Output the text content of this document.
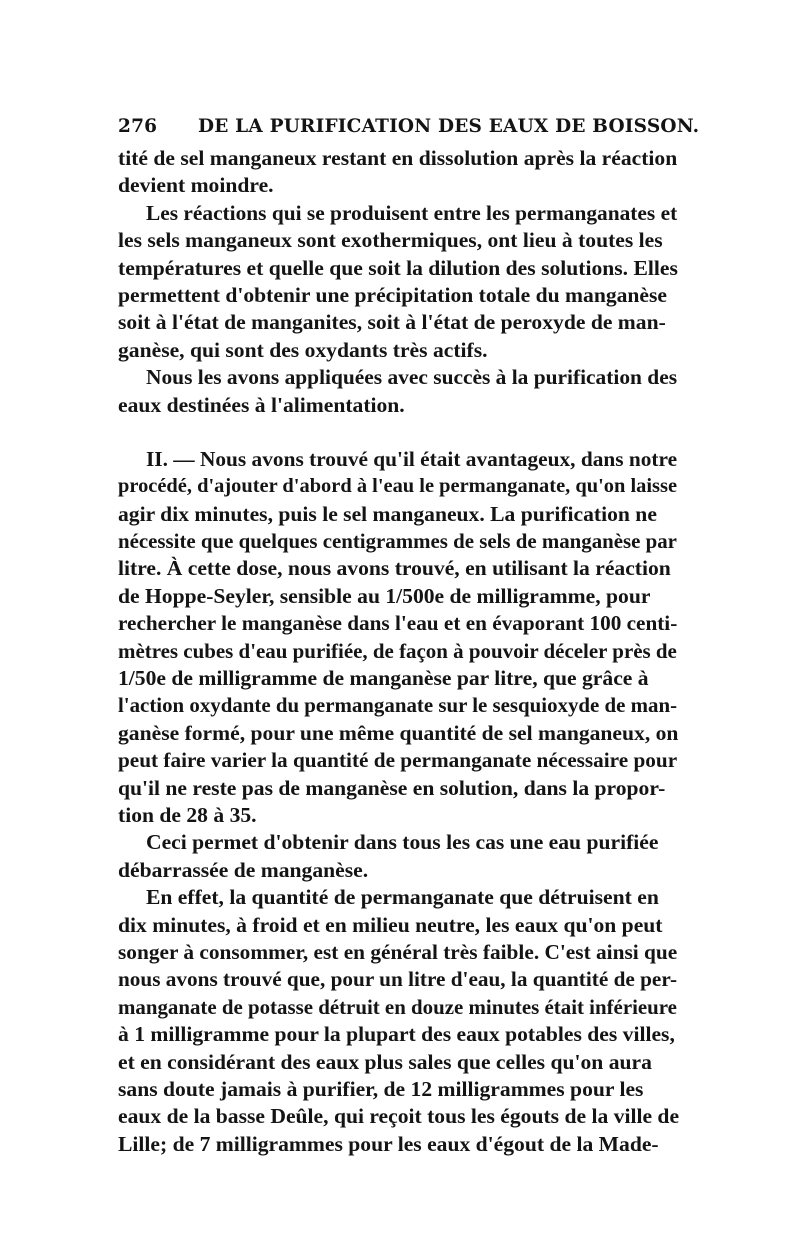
276 DE LA PURIFICATION DES EAUX DE BOISSON.
tité de sel manganeux restant en dissolution après la réaction
devient moindre.
Les réactions qui se produisent entre les permanganates et
les sels manganeux sont exothermiques, ont lieu à toutes les
températures et quelle que soit la dilution des solutions. Elles
permettent d'obtenir une précipitation totale du manganèse
soit à l'état de manganites, soit à l'état de peroxyde de man-
ganèse, qui sont des oxydants très actifs.
Nous les avons appliquées avec succès à la purification des
eaux destinées à l'alimentation.
II. — Nous avons trouvé qu'il était avantageux, dans notre
procédé, d'ajouter d'abord à l'eau le permanganate, qu'on laisse
agir dix minutes, puis le sel manganeux. La purification ne
nécessite que quelques centigrammes de sels de manganèse par
litre. À cette dose, nous avons trouvé, en utilisant la réaction
de Hoppe-Seyler, sensible au 1/500e de milligramme, pour
rechercher le manganèse dans l'eau et en évaporant 100 centi-
mètres cubes d'eau purifiée, de façon à pouvoir déceler près de
1/50e de milligramme de manganèse par litre, que grâce à
l'action oxydante du permanganate sur le sesquioxyde de man-
ganèse formé, pour une même quantité de sel manganeux, on
peut faire varier la quantité de permanganate nécessaire pour
qu'il ne reste pas de manganèse en solution, dans la propor-
tion de 28 à 35.
Ceci permet d'obtenir dans tous les cas une eau purifiée
débarrassée de manganèse.
En effet, la quantité de permanganate que détruisent en
dix minutes, à froid et en milieu neutre, les eaux qu'on peut
songer à consommer, est en général très faible. C'est ainsi que
nous avons trouvé que, pour un litre d'eau, la quantité de per-
manganate de potasse détruit en douze minutes était inférieure
à 1 milligramme pour la plupart des eaux potables des villes,
et en considérant des eaux plus sales que celles qu'on aura
sans doute jamais à purifier, de 12 milligrammes pour les
eaux de la basse Deûle, qui reçoit tous les égouts de la ville de
Lille; de 7 milligrammes pour les eaux d'égout de la Made-
